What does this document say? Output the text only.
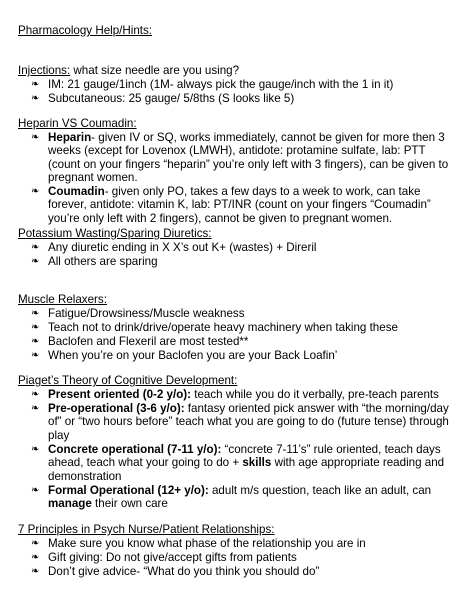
Pharmacology Help/Hints:
Injections: what size needle are you using?
❧ IM: 21 gauge/1inch (1M- always pick the gauge/inch with the 1 in it)
❧ Subcutaneous: 25 gauge/ 5/8ths (S looks like 5)
Heparin VS Coumadin:
❧ Heparin- given IV or SQ, works immediately, cannot be given for more then 3 weeks (except for Lovenox (LMWH), antidote: protamine sulfate, lab: PTT (count on your fingers “heparin” you’re only left with 3 fingers), can be given to pregnant women.
❧ Coumadin- given only PO, takes a few days to a week to work, can take forever, antidote: vitamin K, lab: PT/INR (count on your fingers “Coumadin” you’re only left with 2 fingers), cannot be given to pregnant women.
Potassium Wasting/Sparing Diuretics:
❧ Any diuretic ending in X X’s out K+ (wastes) + Direril
❧ All others are sparing
Muscle Relaxers:
❧ Fatigue/Drowsiness/Muscle weakness
❧ Teach not to drink/drive/operate heavy machinery when taking these
❧ Baclofen and Flexeril are most tested**
❧ When you’re on your Baclofen you are your Back Loafin’
Piaget’s Theory of Cognitive Development:
❧ Present oriented (0-2 y/o): teach while you do it verbally, pre-teach parents
❧ Pre-operational (3-6 y/o): fantasy oriented pick answer with “the morning/day of” or “two hours before” teach what you are going to do (future tense) through play
❧ Concrete operational (7-11 y/o): “concrete 7-11’s” rule oriented, teach days ahead, teach what your going to do + skills with age appropriate reading and demonstration
❧ Formal Operational (12+ y/o): adult m/s question, teach like an adult, can manage their own care
7 Principles in Psych Nurse/Patient Relationships:
❧ Make sure you know what phase of the relationship you are in
❧ Gift giving: Do not give/accept gifts from patients
❧ Don’t give advice- “What do you think you should do”
